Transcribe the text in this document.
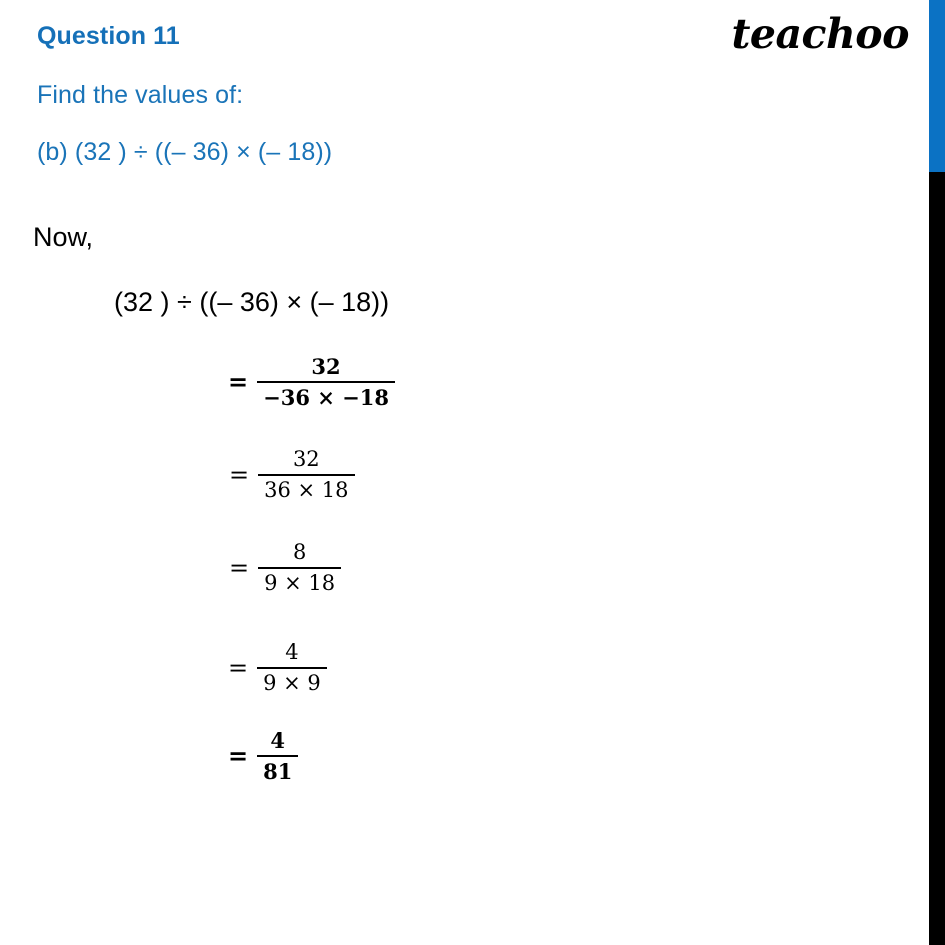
teachoo
Question 11
Find the values of:
(b) (32 ) ÷ ((– 36) × (– 18))
Now,
(32 ) ÷ ((– 36) × (– 18))
= $\frac{32}{-36 \times -18}$
= $\frac{32}{36 \times 18}$
= $\frac{8}{9 \times 18}$
= $\frac{4}{9 \times 9}$
= $\frac{4}{81}$
